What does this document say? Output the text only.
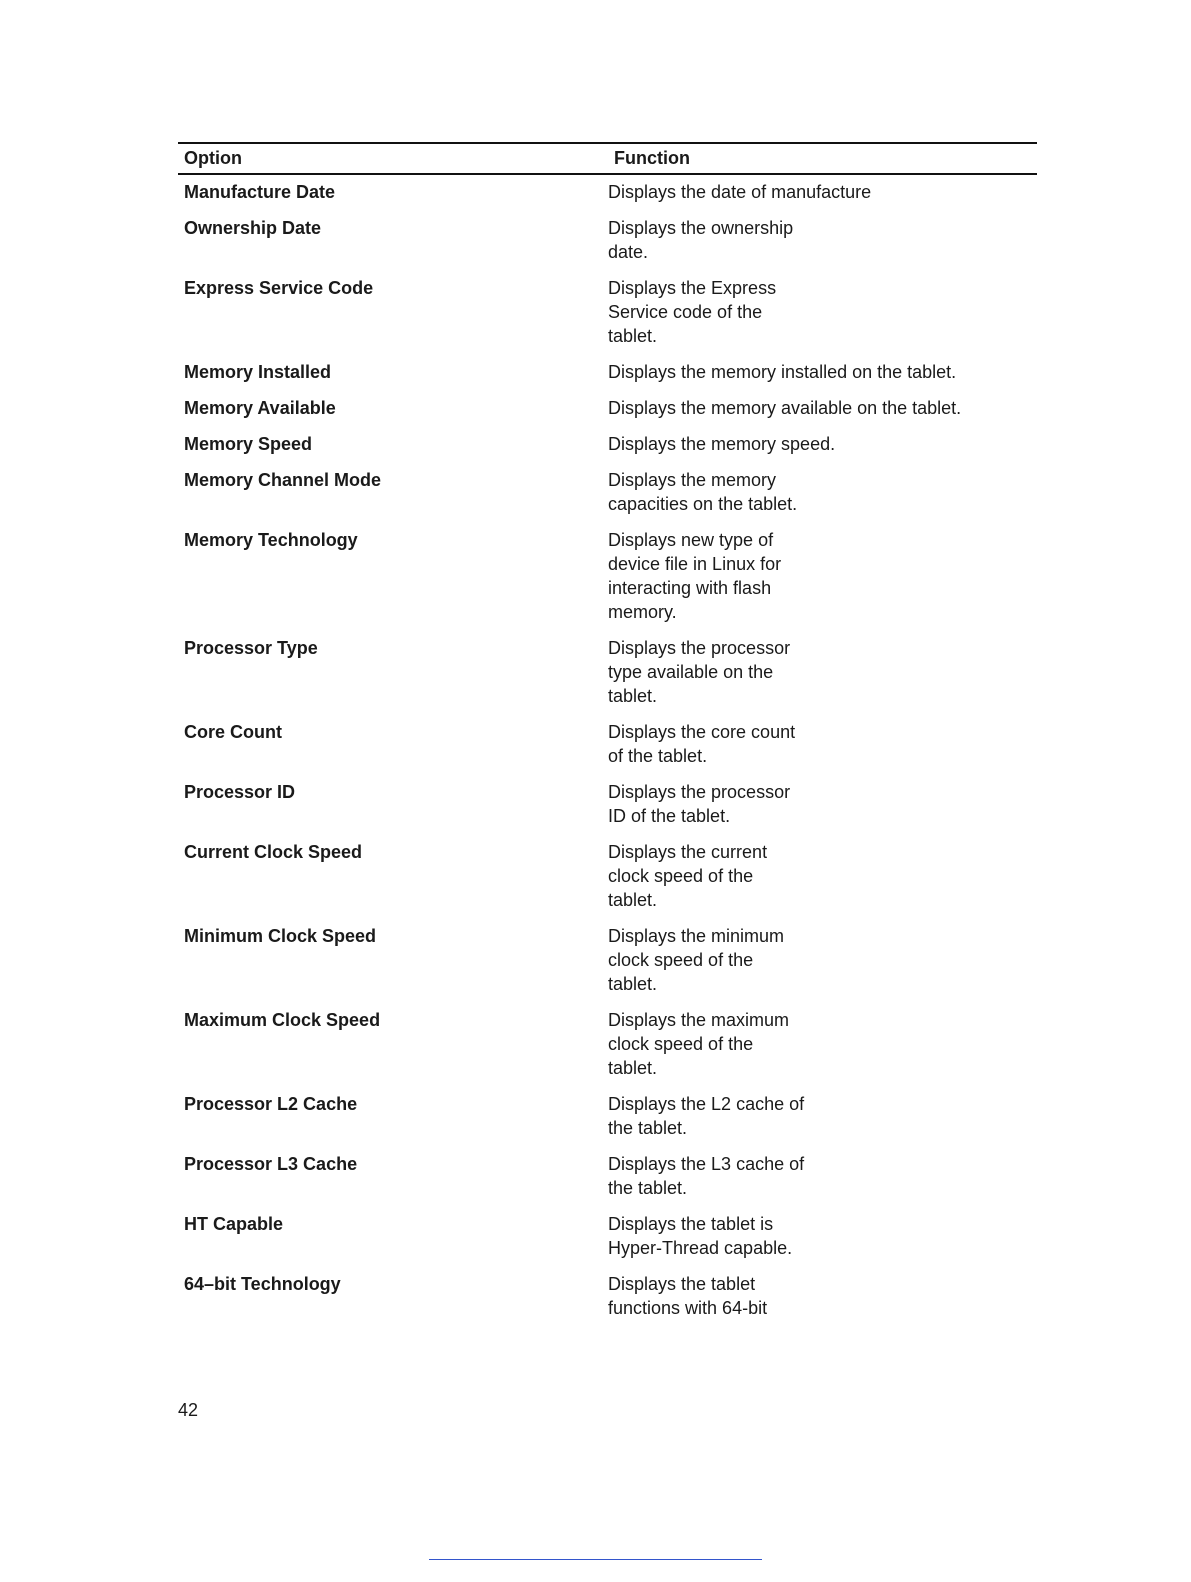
Option	Function
Manufacture Date	Displays the date of manufacture
Ownership Date	Displays the ownership
date.
Express Service Code	Displays the Express
Service code of the
tablet.
Memory Installed	Displays the memory installed on the tablet.
Memory Available	Displays the memory available on the tablet.
Memory Speed	Displays the memory speed.
Memory Channel Mode	Displays the memory
capacities on the tablet.
Memory Technology	Displays new type of
device file in Linux for
interacting with flash
memory.
Processor Type	Displays the processor
type available on the
tablet.
Core Count	Displays the core count
of the tablet.
Processor ID	Displays the processor
ID of the tablet.
Current Clock Speed	Displays the current
clock speed of the
tablet.
Minimum Clock Speed	Displays the minimum
clock speed of the
tablet.
Maximum Clock Speed	Displays the maximum
clock speed of the
tablet.
Processor L2 Cache	Displays the L2 cache of
the tablet.
Processor L3 Cache	Displays the L3 cache of
the tablet.
HT Capable	Displays the tablet is
Hyper-Thread capable.
64–bit Technology	Displays the tablet
functions with 64-bit
42
